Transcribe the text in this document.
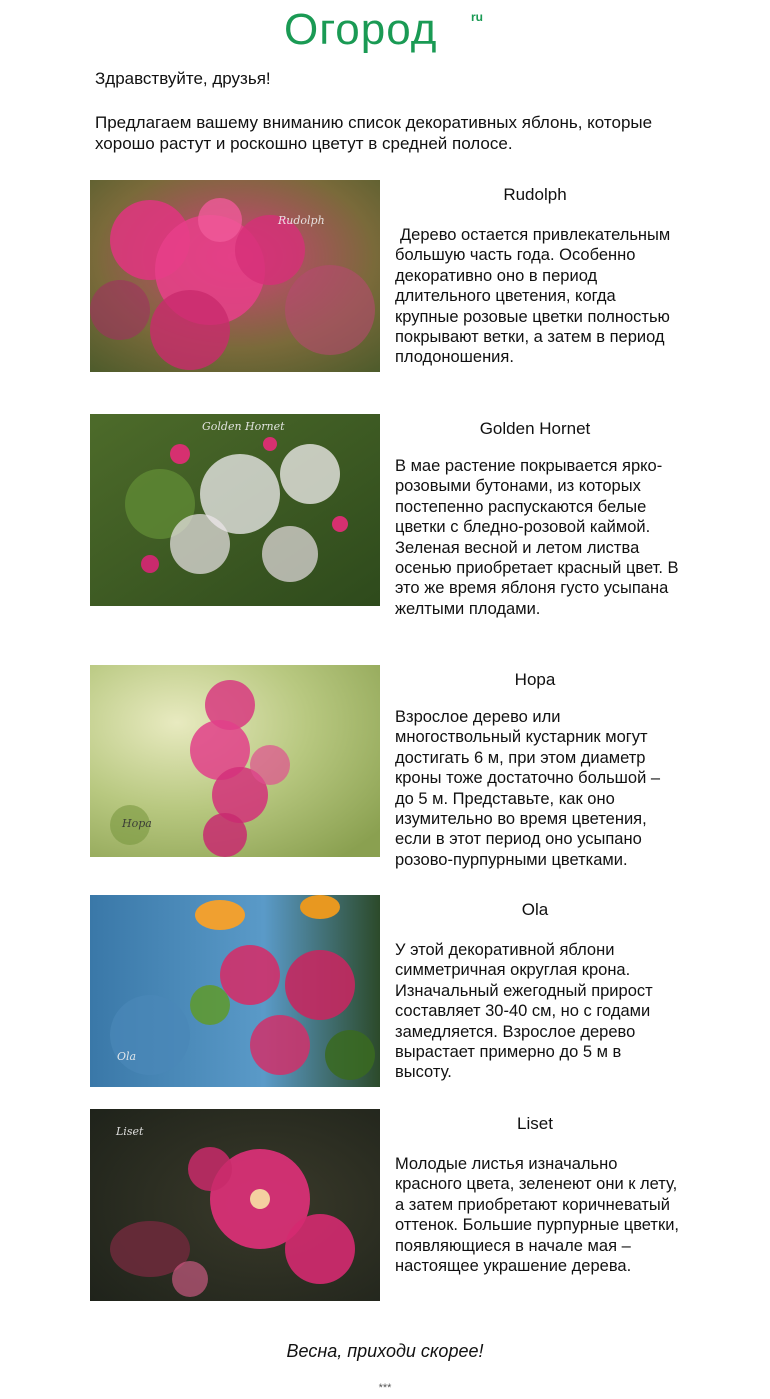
Огород	ru
Здравствуйте, друзья!
Предлагаем вашему вниманию список декоративных яблонь, которые хорошо растут и роскошно цветут в средней полосе.
Rudolph
Rudolph
Дерево остается привлекательным большую часть года. Особенно декоративно оно в период длительного цветения, когда крупные розовые цветки полностью покрывают ветки, а затем в период плодоношения.
Golden Hornet	Golden Hornet
В мае растение покрывается ярко-розовыми бутонами, из которых постепенно распускаются белые цветки с бледно-розовой каймой. Зеленая весной и летом листва осенью приобретает красный цвет. В это же время яблоня густо усыпана желтыми плодами.
Нора
Нора
Взрослое дерево или многоствольный кустарник могут достигать 6 м, при этом диаметр кроны тоже достаточно большой – до 5 м. Представьте, как оно изумительно во время цветения, если в этот период оно усыпано розово-пурпурными цветками.
Ola
Ola
У этой декоративной яблони симметричная округлая крона. Изначальный ежегодный прирост составляет 30-40 см, но с годами замедляется. Взрослое дерево вырастает примерно до 5 м в высоту.
Liset	Liset
Молодые листья изначально красного цвета, зеленеют они к лету, а затем приобретают коричневатый оттенок. Большие пурпурные цветки, появляющиеся в начале мая – настоящее украшение дерева.
Весна, приходи скорее!
***
